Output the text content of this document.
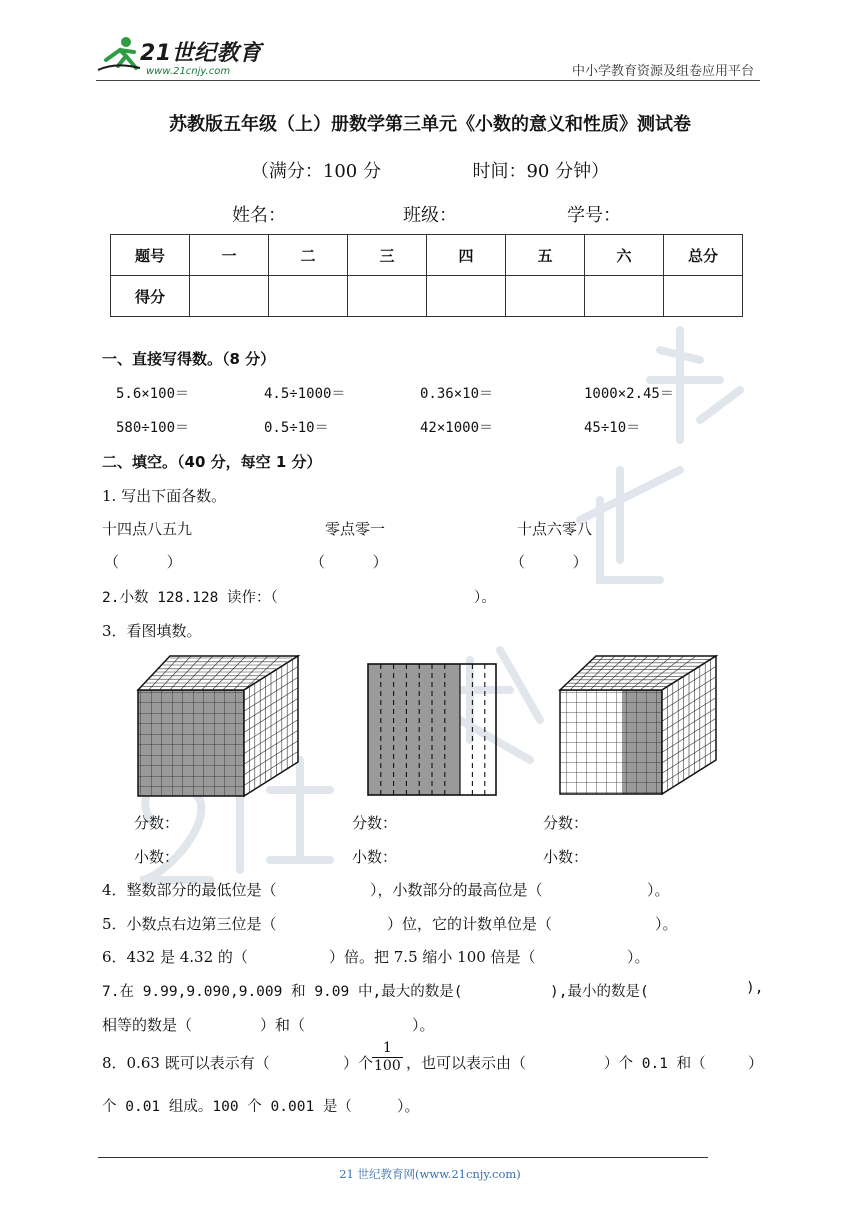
21世纪教育
www.21cnjy.com	中小学教育资源及组卷应用平台
苏教版五年级（上）册数学第三单元《小数的意义和性质》测试卷
（满分：100 分	时间：90 分钟）
姓名：	班级：	学号：
题号	一	二	三	四	五	六	总分
得分							
一、直接写得数。（8 分）
5.6×100＝	4.5÷1000＝	0.36×10＝	1000×2.45＝
580÷100＝	0.5÷10＝	42×1000＝	45÷10＝
二、填空。（40 分，每空 1 分）
1. 写出下面各数。
十四点八五九	零点零一	十点六零八
（          ）	（          ）	（          ）
2.小数 128.128 读作：（	）。
3．看图填数。
分数：	分数：	分数：
小数：	小数：	小数：
4．整数部分的最低位是（	），小数部分的最高位是（	）。
5．小数点右边第三位是（	）位，它的计数单位是（	）。
6．432 是 4.32 的（	）倍。把 7.5 缩小 100 倍是（	）。
7.在 9.99,9.090,9.009 和 9.09 中,最大的数是(	),最小的数是(	),
相等的数是（	）和（	）。
8．0.63 既可以表示有（	）个
$\frac{1}{100}$ ，也可以表示由（	）个 0.1 和（	）
个 0.01 组成。100 个 0.001 是（	）。
21 世纪教育网(www.21cnjy.com)
